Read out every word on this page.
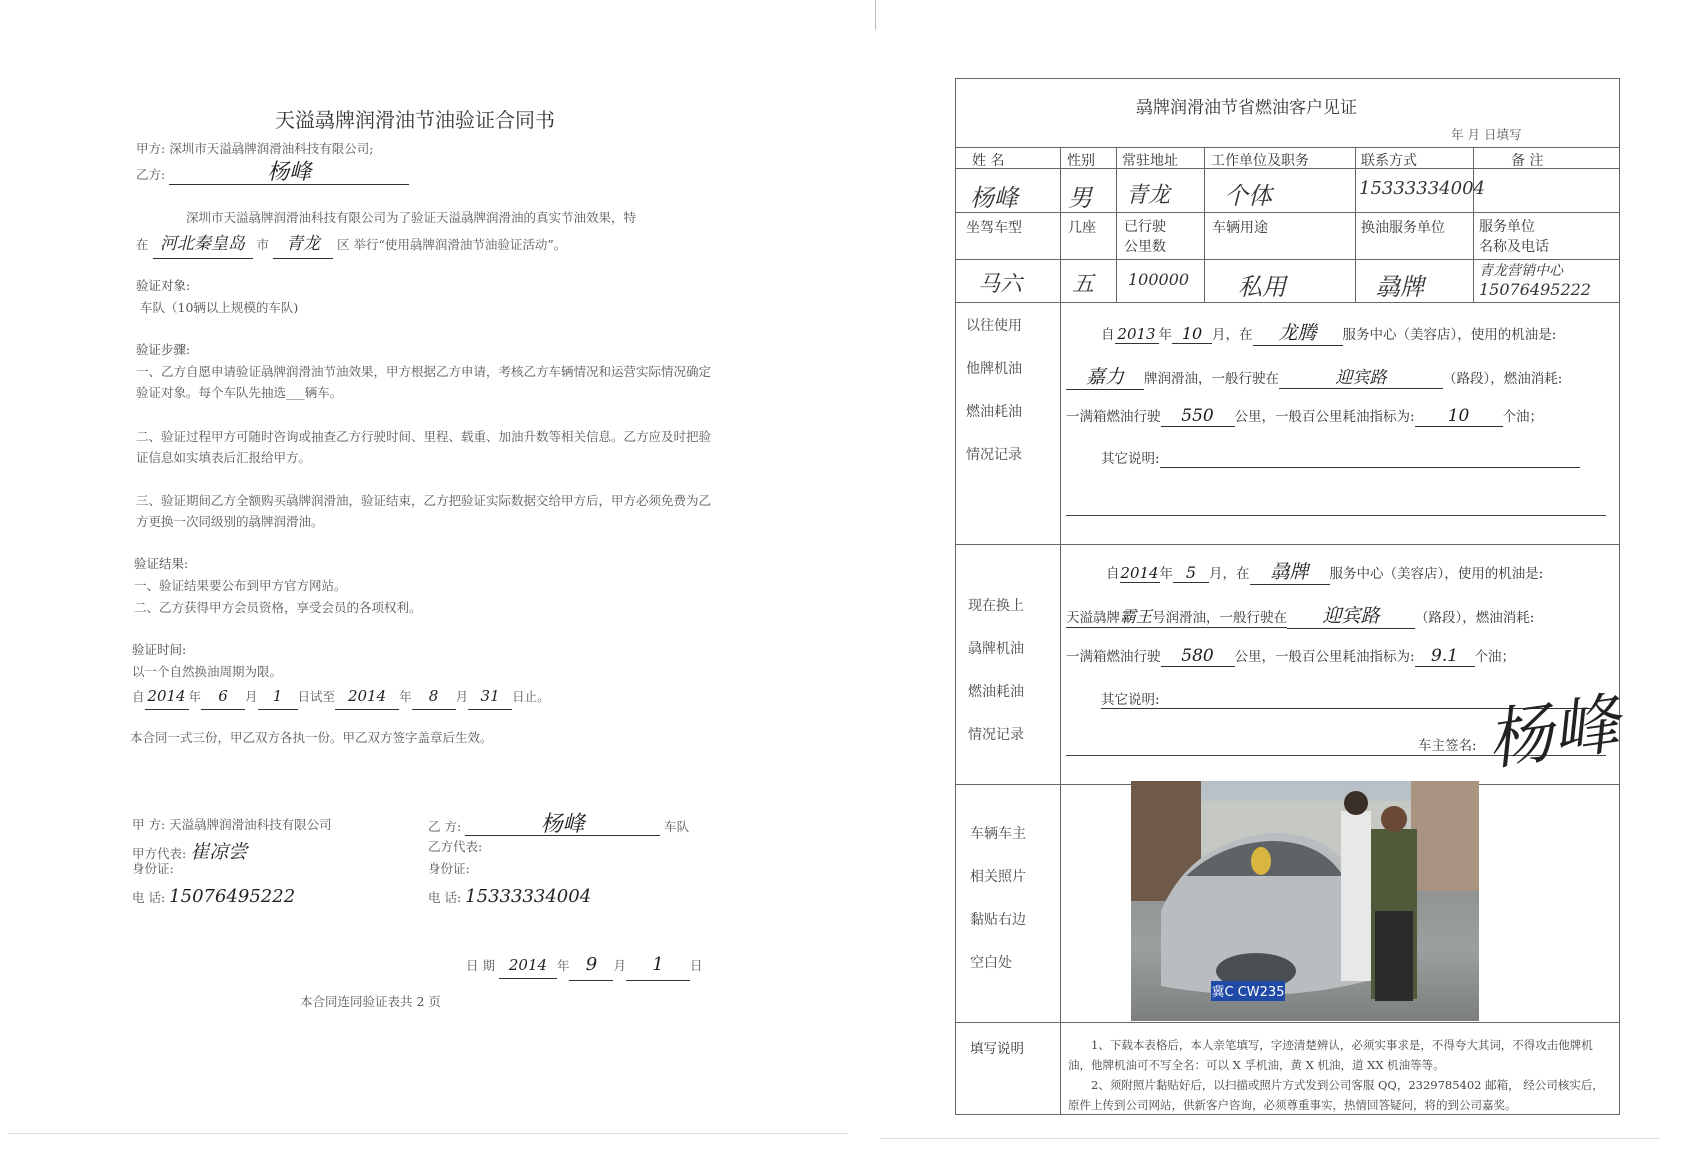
天溢骉牌润滑油节油验证合同书
甲方: 深圳市天溢骉牌润滑油科技有限公司;
乙方:	杨峰
深圳市天溢骉牌润滑油科技有限公司为了验证天溢骉牌润滑油的真实节油效果，特
在 河北秦皇岛 市 青龙 区 举行“使用骉牌润滑油节油验证活动”。
验证对象:
车队（10辆以上规模的车队)
验证步骤:
一、乙方自愿申请验证骉牌润滑油节油效果，甲方根据乙方申请，考核乙方车辆情况和运营实际情况确定验证对象。每个车队先抽选___辆车。
二、验证过程甲方可随时咨询或抽查乙方行驶时间、里程、载重、加油升数等相关信息。乙方应及时把验证信息如实填表后汇报给甲方。
三、验证期间乙方全额购买骉牌润滑油，验证结束，乙方把验证实际数据交给甲方后，甲方必须免费为乙方更换一次同级别的骉牌润滑油。
验证结果:
一、验证结果要公布到甲方官方网站。
二、乙方获得甲方会员资格，享受会员的各项权利。
验证时间:
以一个自然换油周期为限。
自 2014 年 6 月 1 日试至 2014 年 8 月 31 日止。
本合同一式三份，甲乙双方各执一份。甲乙双方签字盖章后生效。
甲 方: 天溢骉牌润滑油科技有限公司
甲方代表: 崔凉尝
身份证:
电 话: 15076495222
乙 方:	杨峰	车队
乙方代表:
身份证:
电 话: 15333334004
日 期 2014 年 9 月 1 日
本合同连同验证表共 2 页
骉牌润滑油节省燃油客户见证
年 月 日填写
姓 名	性别 常驻地址 工作单位及职务	联系方式	备 注
杨峰 男 青龙 个体	15333334004
坐驾车型	几座 已行驶
公里数
车辆用途	换油服务单位 服务单位
名称及电话
马六 五 100000 私用	骉牌
青龙营销中心
15076495222
以往使用
他牌机油
燃油耗油
情况记录
自 2013 年 10 月，在 龙腾 服务中心（美容店），使用的机油是:
嘉力 牌润滑油，一般行驶在	迎宾路	（路段），燃油消耗:
一满箱燃油行驶 550 公里，一般百公里耗油指标为: 10 个油；
其它说明:
现在换上
骉牌机油
燃油耗油
情况记录
自2014年 5 月，在 骉牌 服务中心（美容店），使用的机油是:
天溢骉牌霸王号润滑油，一般行驶在 迎宾路	（路段），燃油消耗:
一满箱燃油行驶 580 公里，一般百公里耗油指标为: 9.1 个油；
其它说明:
车主签名: 杨峰
车辆车主
相关照片
黏贴右边
空白处
冀C CW235
填写说明	1、下载本表格后，本人亲笔填写，字迹清楚辨认，必须实事求是，不得夸大其词，不得攻击他牌机油，他牌机油可不写全名：可以 X 孚机油，黄 X 机油，道 XX 机油等等。
2、须附照片黏贴好后，以扫描或照片方式发到公司客服 QQ，2329785402 邮箱， 经公司核实后，原件上传到公司网站，供新客户咨询，必须尊重事实，热情回答疑问，将的到公司嘉奖。
